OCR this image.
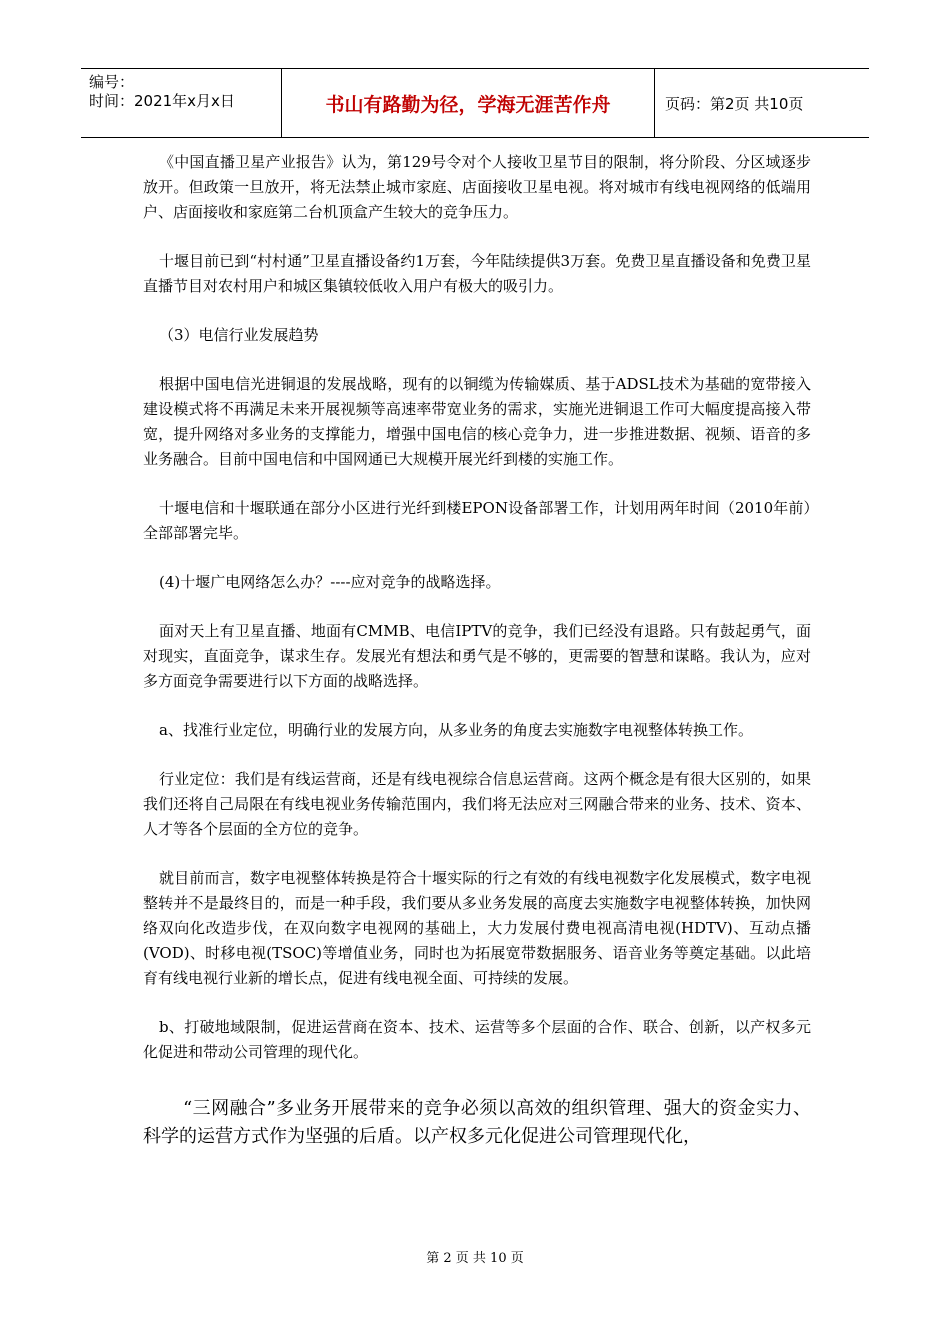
编号：
时间：2021年x月x日	书山有路勤为径，学海无涯苦作舟	页码：第2页 共10页

《中国直播卫星产业报告》认为，第129号令对个人接收卫星节目的限制，将分阶段、分区域逐步放开。但政策一旦放开，将无法禁止城市家庭、店面接收卫星电视。将对城市有线电视网络的低端用户、店面接收和家庭第二台机顶盒产生较大的竞争压力。

十堰目前已到“村村通”卫星直播设备约1万套，今年陆续提供3万套。免费卫星直播设备和免费卫星直播节目对农村用户和城区集镇较低收入用户有极大的吸引力。

（3）电信行业发展趋势

根据中国电信光进铜退的发展战略，现有的以铜缆为传输媒质、基于ADSL技术为基础的宽带接入建设模式将不再满足未来开展视频等高速率带宽业务的需求，实施光进铜退工作可大幅度提高接入带宽，提升网络对多业务的支撑能力，增强中国电信的核心竞争力，进一步推进数据、视频、语音的多业务融合。目前中国电信和中国网通已大规模开展光纤到楼的实施工作。

十堰电信和十堰联通在部分小区进行光纤到楼EPON设备部署工作，计划用两年时间（2010年前）全部部署完毕。

(4)十堰广电网络怎么办？----应对竞争的战略选择。

面对天上有卫星直播、地面有CMMB、电信IPTV的竞争，我们已经没有退路。只有鼓起勇气，面对现实，直面竞争，谋求生存。发展光有想法和勇气是不够的，更需要的智慧和谋略。我认为，应对多方面竞争需要进行以下方面的战略选择。

a、找准行业定位，明确行业的发展方向，从多业务的角度去实施数字电视整体转换工作。

行业定位：我们是有线运营商，还是有线电视综合信息运营商。这两个概念是有很大区别的，如果我们还将自己局限在有线电视业务传输范围内，我们将无法应对三网融合带来的业务、技术、资本、人才等各个层面的全方位的竞争。

就目前而言，数字电视整体转换是符合十堰实际的行之有效的有线电视数字化发展模式，数字电视整转并不是最终目的，而是一种手段，我们要从多业务发展的高度去实施数字电视整体转换，加快网络双向化改造步伐，在双向数字电视网的基础上，大力发展付费电视高清电视(HDTV)、互动点播 (VOD)、时移电视(TSOC)等增值业务，同时也为拓展宽带数据服务、语音业务等奠定基础。以此培育有线电视行业新的增长点，促进有线电视全面、可持续的发展。

b、打破地域限制，促进运营商在资本、技术、运营等多个层面的合作、联合、创新，以产权多元化促进和带动公司管理的现代化。

“三网融合”多业务开展带来的竞争必须以高效的组织管理、强大的资金实力、科学的运营方式作为坚强的后盾。以产权多元化促进公司管理现代化，

第 2 页 共 10 页
